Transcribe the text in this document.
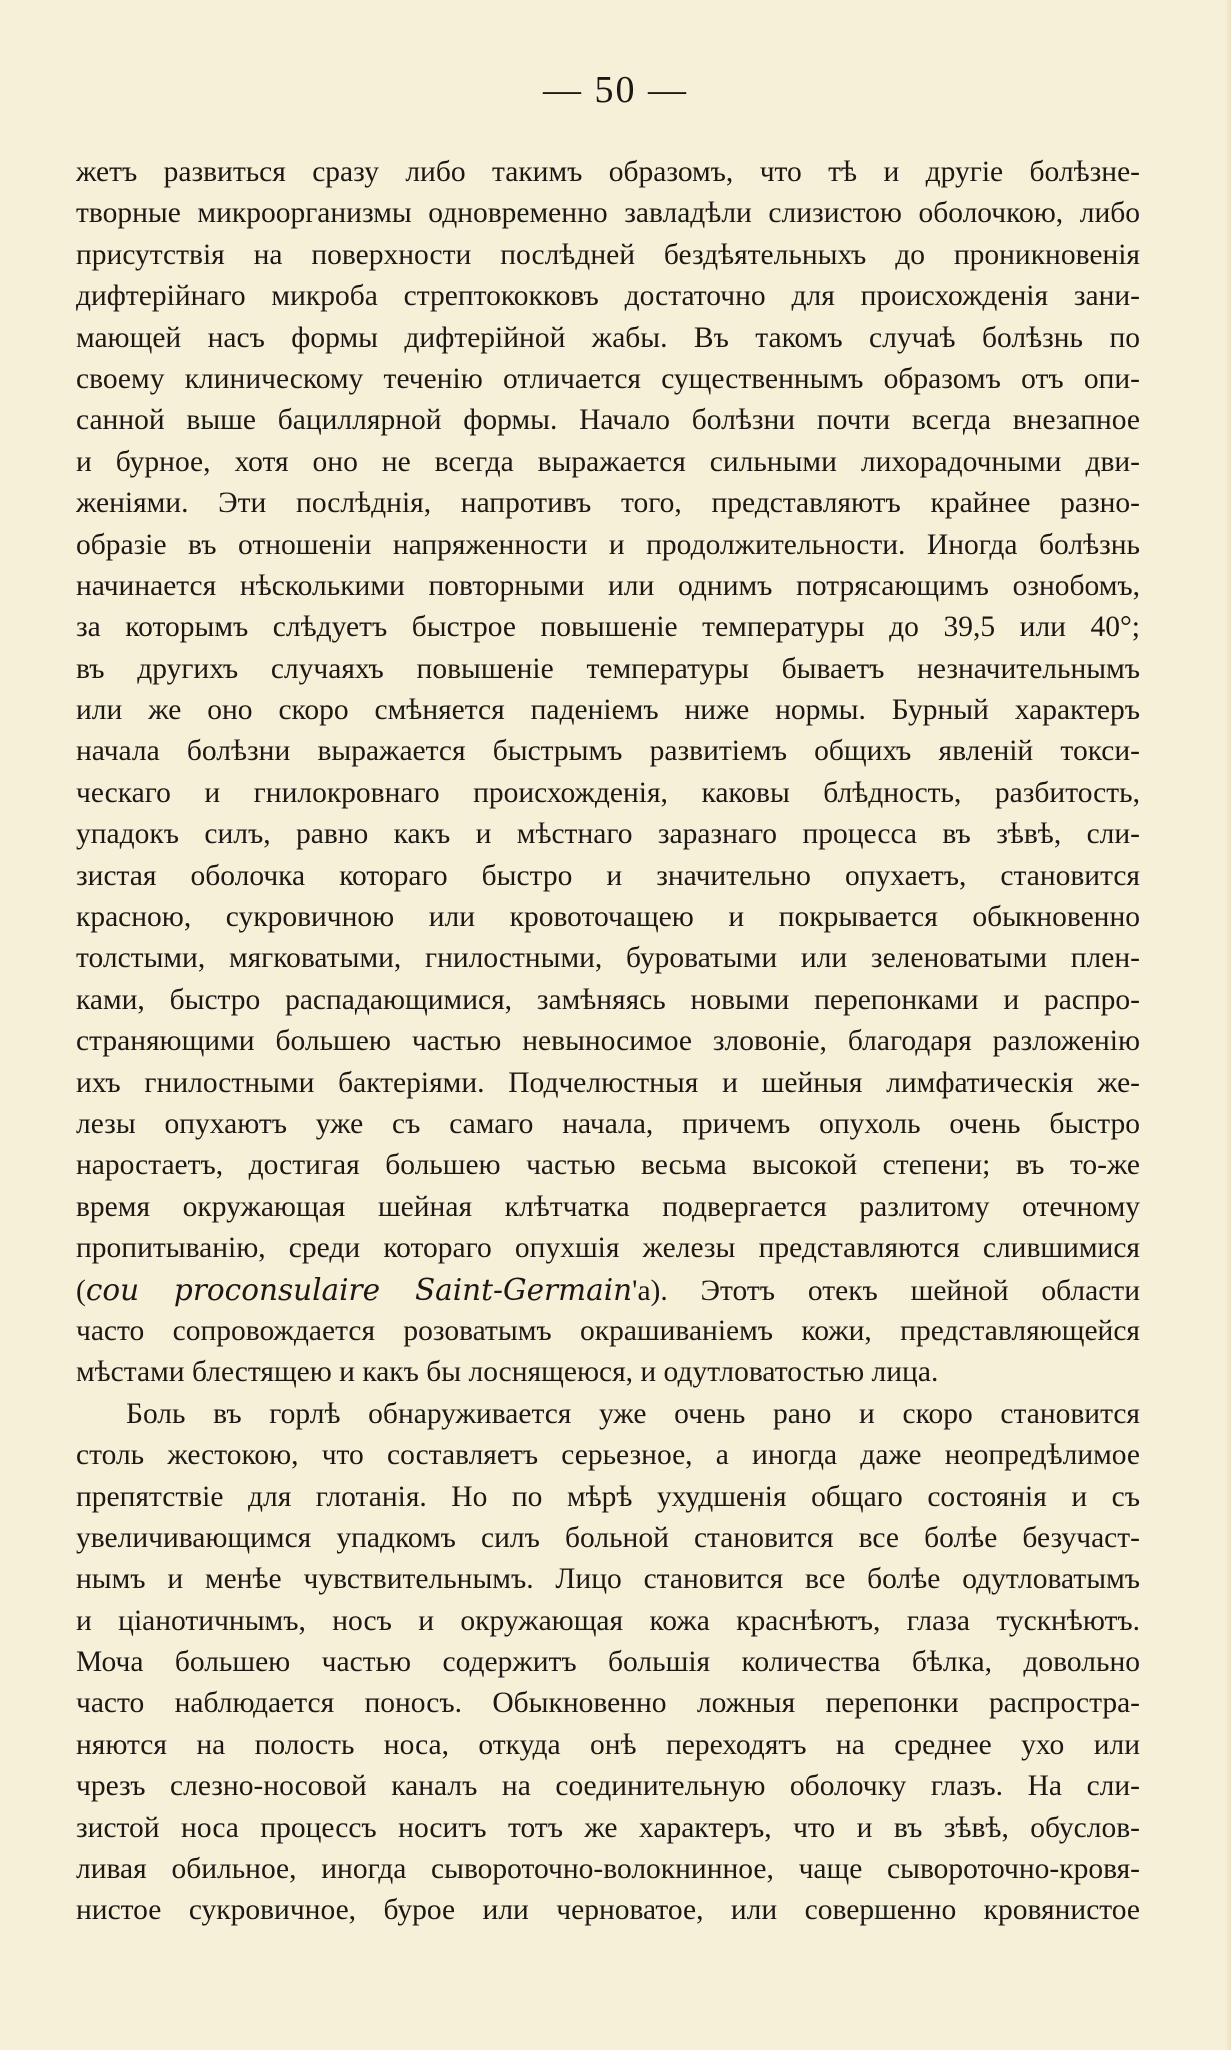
— 50 —
жетъ развиться сразу либо такимъ образомъ, что тѣ и другіе болѣзне-
творные микроорганизмы одновременно завладѣли слизистою оболочкою, либо
присутствія на поверхности послѣдней бездѣятельныхъ до проникновенія
дифтерійнаго микроба стрептококковъ достаточно для происхожденія зани-
мающей насъ формы дифтерійной жабы. Въ такомъ случаѣ болѣзнь по
своему клиническому теченію отличается существеннымъ образомъ отъ опи-
санной выше бациллярной формы. Начало болѣзни почти всегда внезапное
и бурное, хотя оно не всегда выражается сильными лихорадочными дви-
женіями. Эти послѣднія, напротивъ того, представляютъ крайнее разно-
образіе въ отношеніи напряженности и продолжительности. Иногда болѣзнь
начинается нѣсколькими повторными или однимъ потрясающимъ ознобомъ,
за которымъ слѣдуетъ быстрое повышеніе температуры до 39,5 или 40°;
въ другихъ случаяхъ повышеніе температуры бываетъ незначительнымъ
или же оно скоро смѣняется паденіемъ ниже нормы. Бурный характеръ
начала болѣзни выражается быстрымъ развитіемъ общихъ явленій токси-
ческаго и гнилокровнаго происхожденія, каковы блѣдность, разбитость,
упадокъ силъ, равно какъ и мѣстнаго заразнаго процесса въ зѣвѣ, сли-
зистая оболочка котораго быстро и значительно опухаетъ, становится
красною, сукровичною или кровоточащею и покрывается обыкновенно
толстыми, мягковатыми, гнилостными, буроватыми или зеленоватыми плен-
ками, быстро распадающимися, замѣняясь новыми перепонками и распро-
страняющими большею частью невыносимое зловоніе, благодаря разложенію
ихъ гнилостными бактеріями. Подчелюстныя и шейныя лимфатическія же-
лезы опухаютъ уже съ самаго начала, причемъ опухоль очень быстро
наростаетъ, достигая большею частью весьма высокой степени; въ то-же
время окружающая шейная клѣтчатка подвергается разлитому отечному
пропитыванію, среди котораго опухшія железы представляются слившимися
(cou proconsulaire Saint-Germain'а). Этотъ отекъ шейной области
часто сопровождается розоватымъ окрашиваніемъ кожи, представляющейся
мѣстами блестящею и какъ бы лоснящеюся, и одутловатостью лица.
Боль въ горлѣ обнаруживается уже очень рано и скоро становится
столь жестокою, что составляетъ серьезное, а иногда даже неопредѣлимое
препятствіе для глотанія. Но по мѣрѣ ухудшенія общаго состоянія и съ
увеличивающимся упадкомъ силъ больной становится все болѣе безучаст-
нымъ и менѣе чувствительнымъ. Лицо становится все болѣе одутловатымъ
и ціанотичнымъ, носъ и окружающая кожа краснѣютъ, глаза тускнѣютъ.
Моча большею частью содержитъ большія количества бѣлка, довольно
часто наблюдается поносъ. Обыкновенно ложныя перепонки распростра-
няются на полость носа, откуда онѣ переходятъ на среднее ухо или
чрезъ слезно-носовой каналъ на соединительную оболочку глазъ. На сли-
зистой носа процессъ носитъ тотъ же характеръ, что и въ зѣвѣ, обуслов-
ливая обильное, иногда сывороточно-волокнинное, чаще сывороточно-кровя-
нистое сукровичное, бурое или черноватое, или совершенно кровянистое
